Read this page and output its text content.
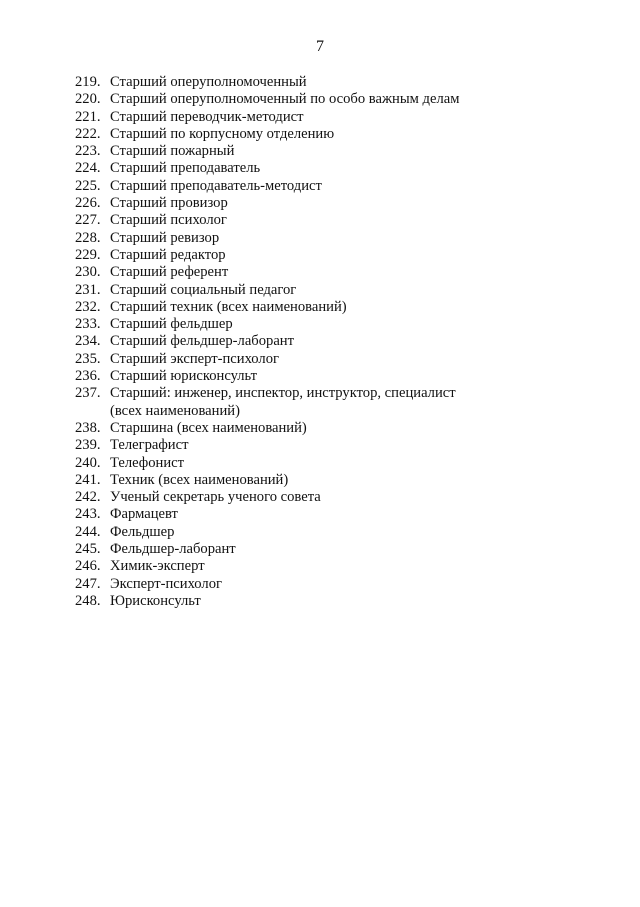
7
219. Старший оперуполномоченный
220. Старший оперуполномоченный по особо важным делам
221. Старший переводчик-методист
222. Старший по корпусному отделению
223. Старший пожарный
224. Старший преподаватель
225. Старший преподаватель-методист
226. Старший провизор
227. Старший психолог
228. Старший ревизор
229. Старший редактор
230. Старший референт
231. Старший социальный педагог
232. Старший техник (всех наименований)
233. Старший фельдшер
234. Старший фельдшер-лаборант
235. Старший эксперт-психолог
236. Старший юрисконсульт
237. Старший: инженер, инспектор, инструктор, специалист
(всех наименований)
238. Старшина (всех наименований)
239. Телеграфист
240. Телефонист
241. Техник (всех наименований)
242. Ученый секретарь ученого совета
243. Фармацевт
244. Фельдшер
245. Фельдшер-лаборант
246. Химик-эксперт
247. Эксперт-психолог
248. Юрисконсульт
